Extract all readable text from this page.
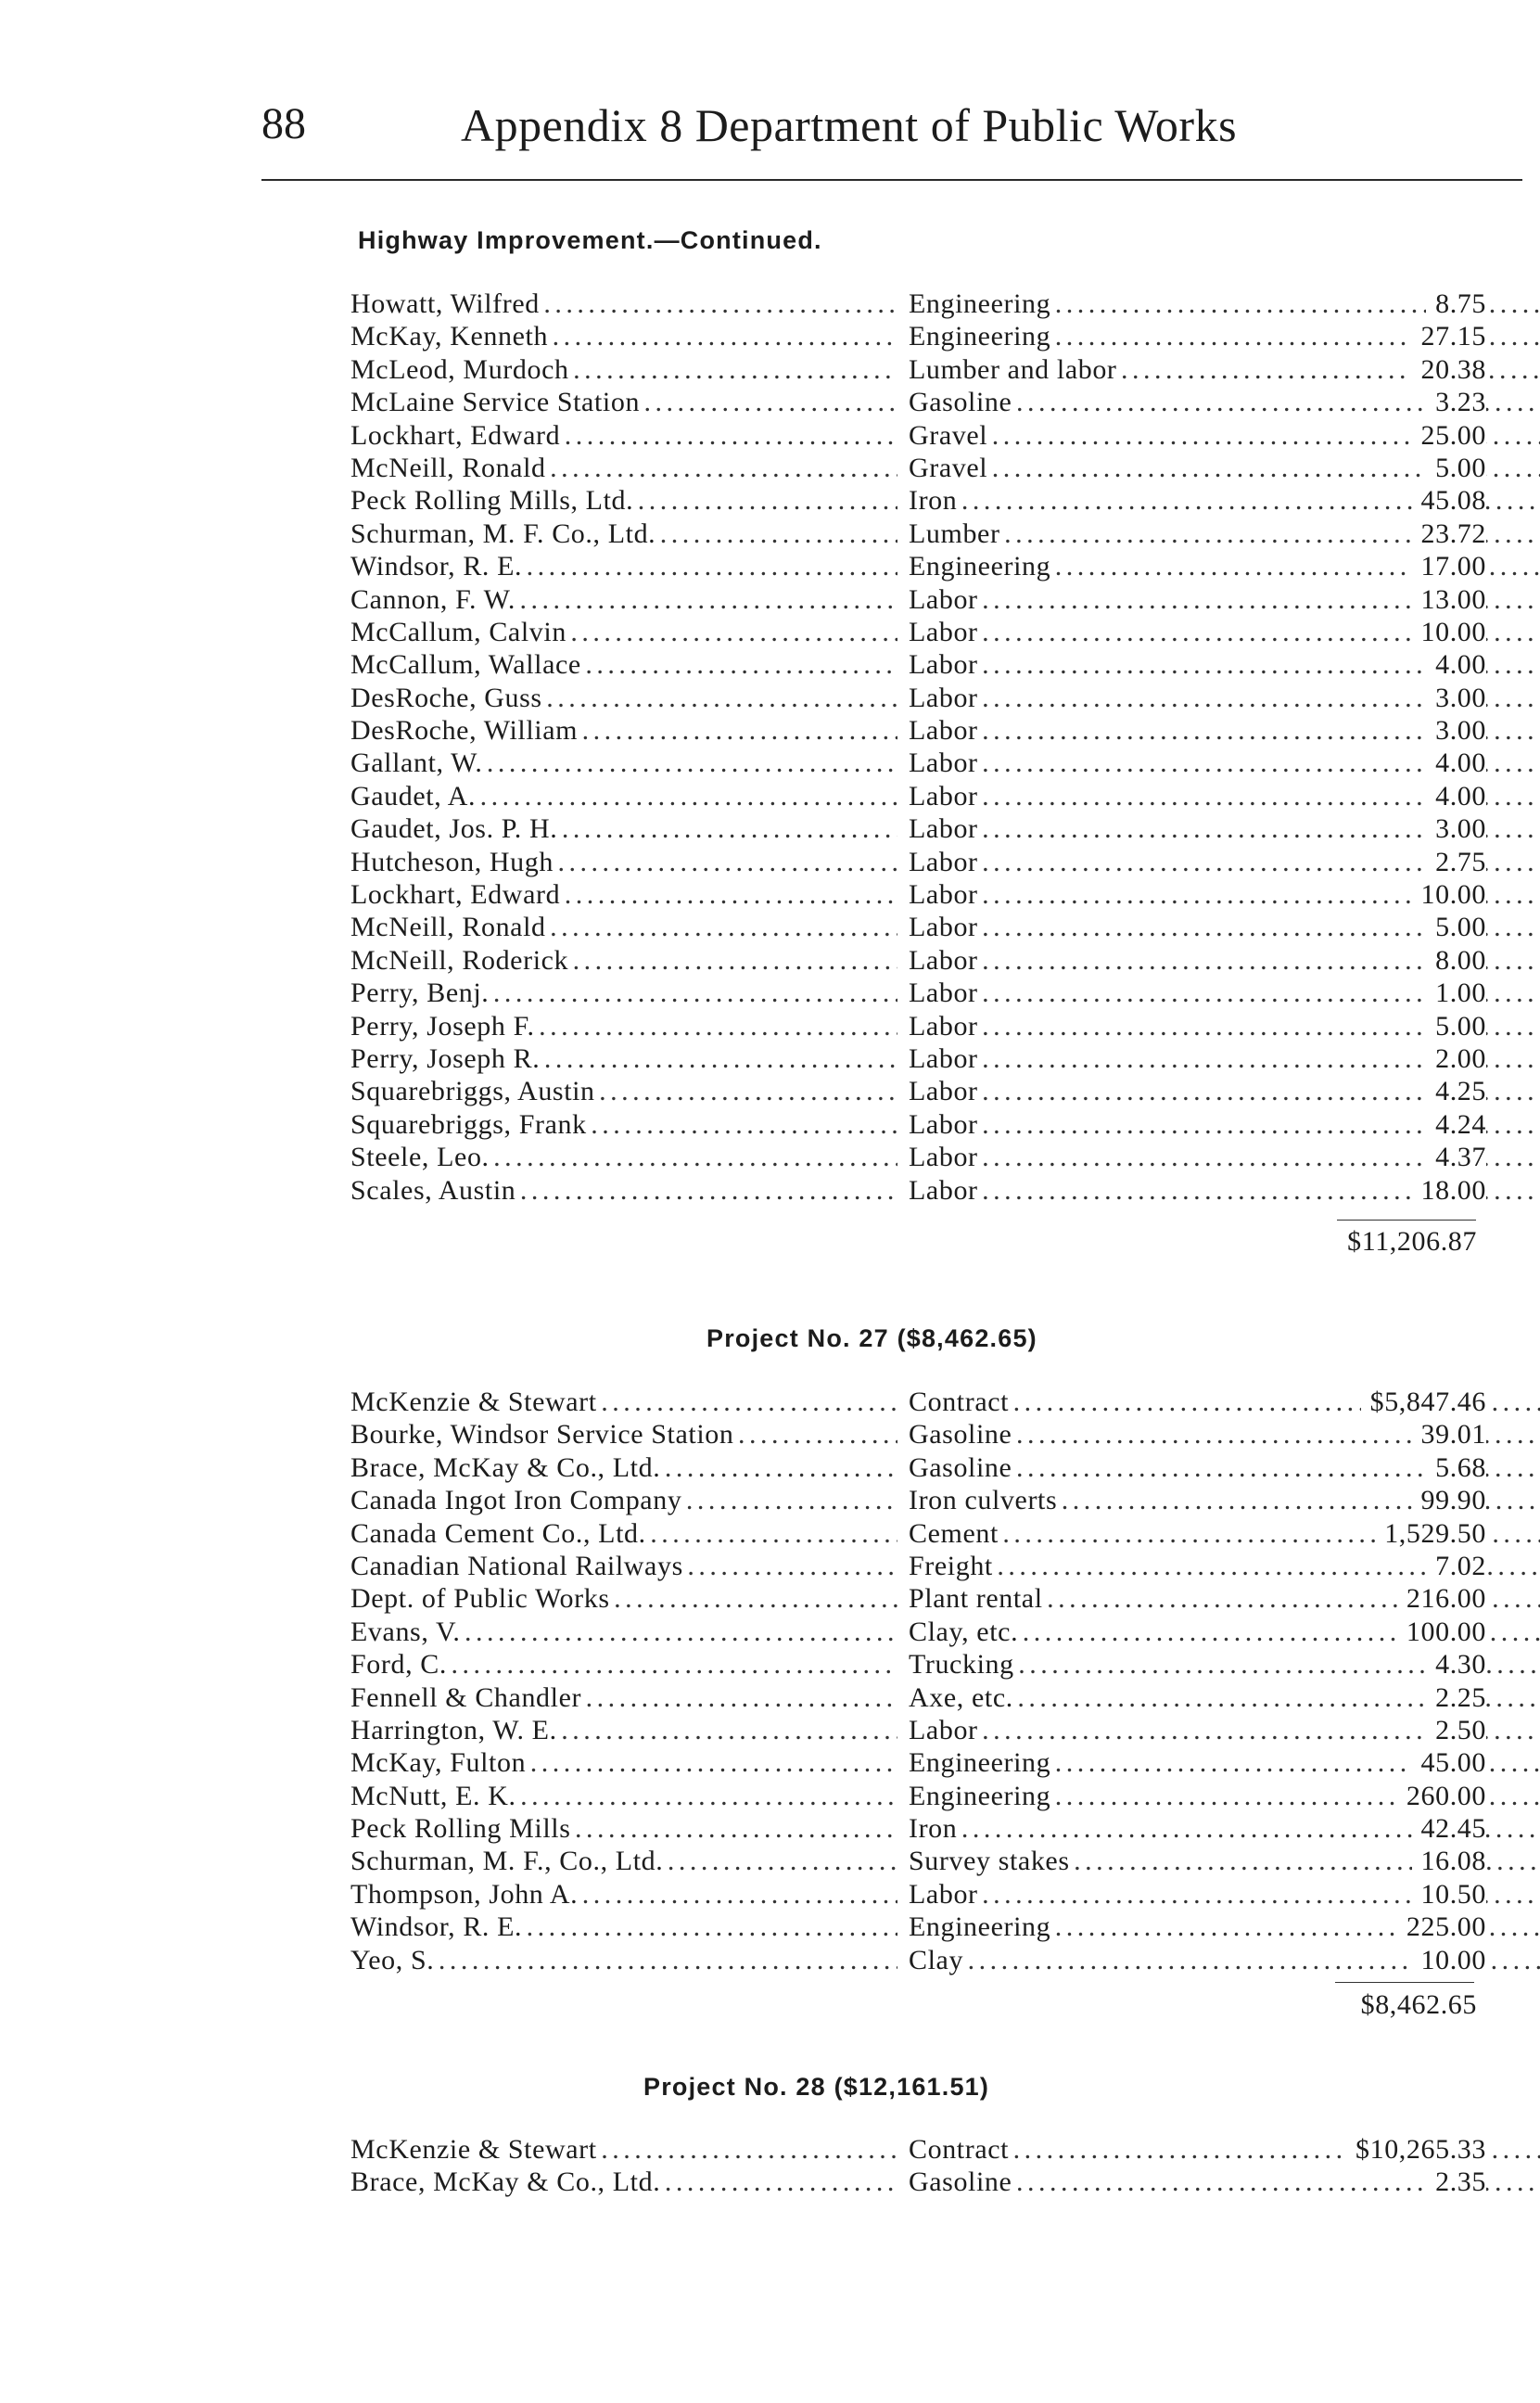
88	Appendix 8 Department of Public Works
Highway Improvement.—Continued.
Howatt, Wilfred . . .	Engineering . . .	8.75
McKay, Kenneth . . .	Engineering . . .	27.15
McLeod, Murdoch . . .	Lumber and labor . . .	20.38
McLaine Service Station . . .	Gasoline . . .	3.23
Lockhart, Edward . . .	Gravel . . .	25.00
McNeill, Ronald . . .	Gravel . . .	5.00
Peck Rolling Mills, Ltd. . . .	Iron . . .	45.08
Schurman, M. F. Co., Ltd. . . .	Lumber . . .	23.72
Windsor, R. E. . . .	Engineering . . .	17.00
Cannon, F. W. . . .	Labor . . .	13.00
McCallum, Calvin . . .	Labor . . .	10.00
McCallum, Wallace . . .	Labor . . .	4.00
DesRoche, Guss . . .	Labor . . .	3.00
DesRoche, William . . .	Labor . . .	3.00
Gallant, W. . . .	Labor . . .	4.00
Gaudet, A. . . .	Labor . . .	4.00
Gaudet, Jos. P. H. . . .	Labor . . .	3.00
Hutcheson, Hugh . . .	Labor . . .	2.75
Lockhart, Edward . . .	Labor . . .	10.00
McNeill, Ronald . . .	Labor . . .	5.00
McNeill, Roderick . . .	Labor . . .	8.00
Perry, Benj. . . .	Labor . . .	1.00
Perry, Joseph F. . . .	Labor . . .	5.00
Perry, Joseph R. . . .	Labor . . .	2.00
Squarebriggs, Austin . . .	Labor . . .	4.25
Squarebriggs, Frank . . .	Labor . . .	4.24
Steele, Leo. . . .	Labor . . .	4.37
Scales, Austin . . .	Labor . . .	18.00
$11,206.87
Project No. 27 ($8,462.65)
McKenzie & Stewart . . .	Contract . . .	$5,847.46
Bourke, Windsor Service Station . . .	Gasoline . . .	39.01
Brace, McKay & Co., Ltd. . . .	Gasoline . . .	5.68
Canada Ingot Iron Company . . .	Iron culverts . . .	99.90
Canada Cement Co., Ltd. . . .	Cement . . .	1,529.50
Canadian National Railways . . .	Freight . . .	7.02
Dept. of Public Works . . .	Plant rental . . .	216.00
Evans, V. . . .	Clay, etc. . . .	100.00
Ford, C. . . .	Trucking . . .	4.30
Fennell & Chandler . . .	Axe, etc. . . .	2.25
Harrington, W. E. . . .	Labor . . .	2.50
McKay, Fulton . . .	Engineering . . .	45.00
McNutt, E. K. . . .	Engineering . . .	260.00
Peck Rolling Mills . . .	Iron . . .	42.45
Schurman, M. F., Co., Ltd. . . .	Survey stakes . . .	16.08
Thompson, John A. . . .	Labor . . .	10.50
Windsor, R. E. . . .	Engineering . . .	225.00
Yeo, S. . . .	Clay . . .	10.00
$8,462.65
Project No. 28 ($12,161.51)
McKenzie & Stewart . . .	Contract . . .	$10,265.33
Brace, McKay & Co., Ltd. . . .	Gasoline . . .	2.35
